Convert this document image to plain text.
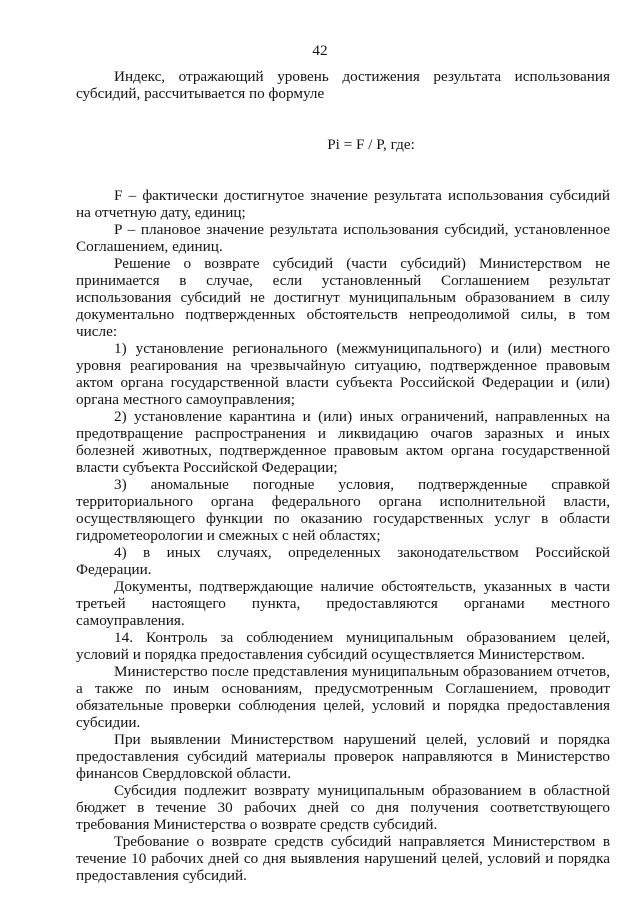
42

Индекс, отражающий уровень достижения результата использования субсидий, рассчитывается по формуле

Pi = F / P, где:

F – фактически достигнутое значение результата использования субсидий на отчетную дату, единиц;

P – плановое значение результата использования субсидий, установленное Соглашением, единиц.

Решение о возврате субсидий (части субсидий) Министерством не принимается в случае, если установленный Соглашением результат использования субсидий не достигнут муниципальным образованием в силу документально подтвержденных обстоятельств непреодолимой силы, в том числе:

1) установление регионального (межмуниципального) и (или) местного уровня реагирования на чрезвычайную ситуацию, подтвержденное правовым актом органа государственной власти субъекта Российской Федерации и (или) органа местного самоуправления;

2) установление карантина и (или) иных ограничений, направленных на предотвращение распространения и ликвидацию очагов заразных и иных болезней животных, подтвержденное правовым актом органа государственной власти субъекта Российской Федерации;

3) аномальные погодные условия, подтвержденные справкой территориального органа федерального органа исполнительной власти, осуществляющего функции по оказанию государственных услуг в области гидрометеорологии и смежных с ней областях;

4) в иных случаях, определенных законодательством Российской Федерации.

Документы, подтверждающие наличие обстоятельств, указанных в части третьей настоящего пункта, предоставляются органами местного самоуправления.

14. Контроль за соблюдением муниципальным образованием целей, условий и порядка предоставления субсидий осуществляется Министерством.

Министерство после представления муниципальным образованием отчетов, а также по иным основаниям, предусмотренным Соглашением, проводит обязательные проверки соблюдения целей, условий и порядка предоставления субсидии.

При выявлении Министерством нарушений целей, условий и порядка предоставления субсидий материалы проверок направляются в Министерство финансов Свердловской области.

Субсидия подлежит возврату муниципальным образованием в областной бюджет в течение 30 рабочих дней со дня получения соответствующего требования Министерства о возврате средств субсидий.

Требование о возврате средств субсидий направляется Министерством в течение 10 рабочих дней со дня выявления нарушений целей, условий и порядка предоставления субсидий.
